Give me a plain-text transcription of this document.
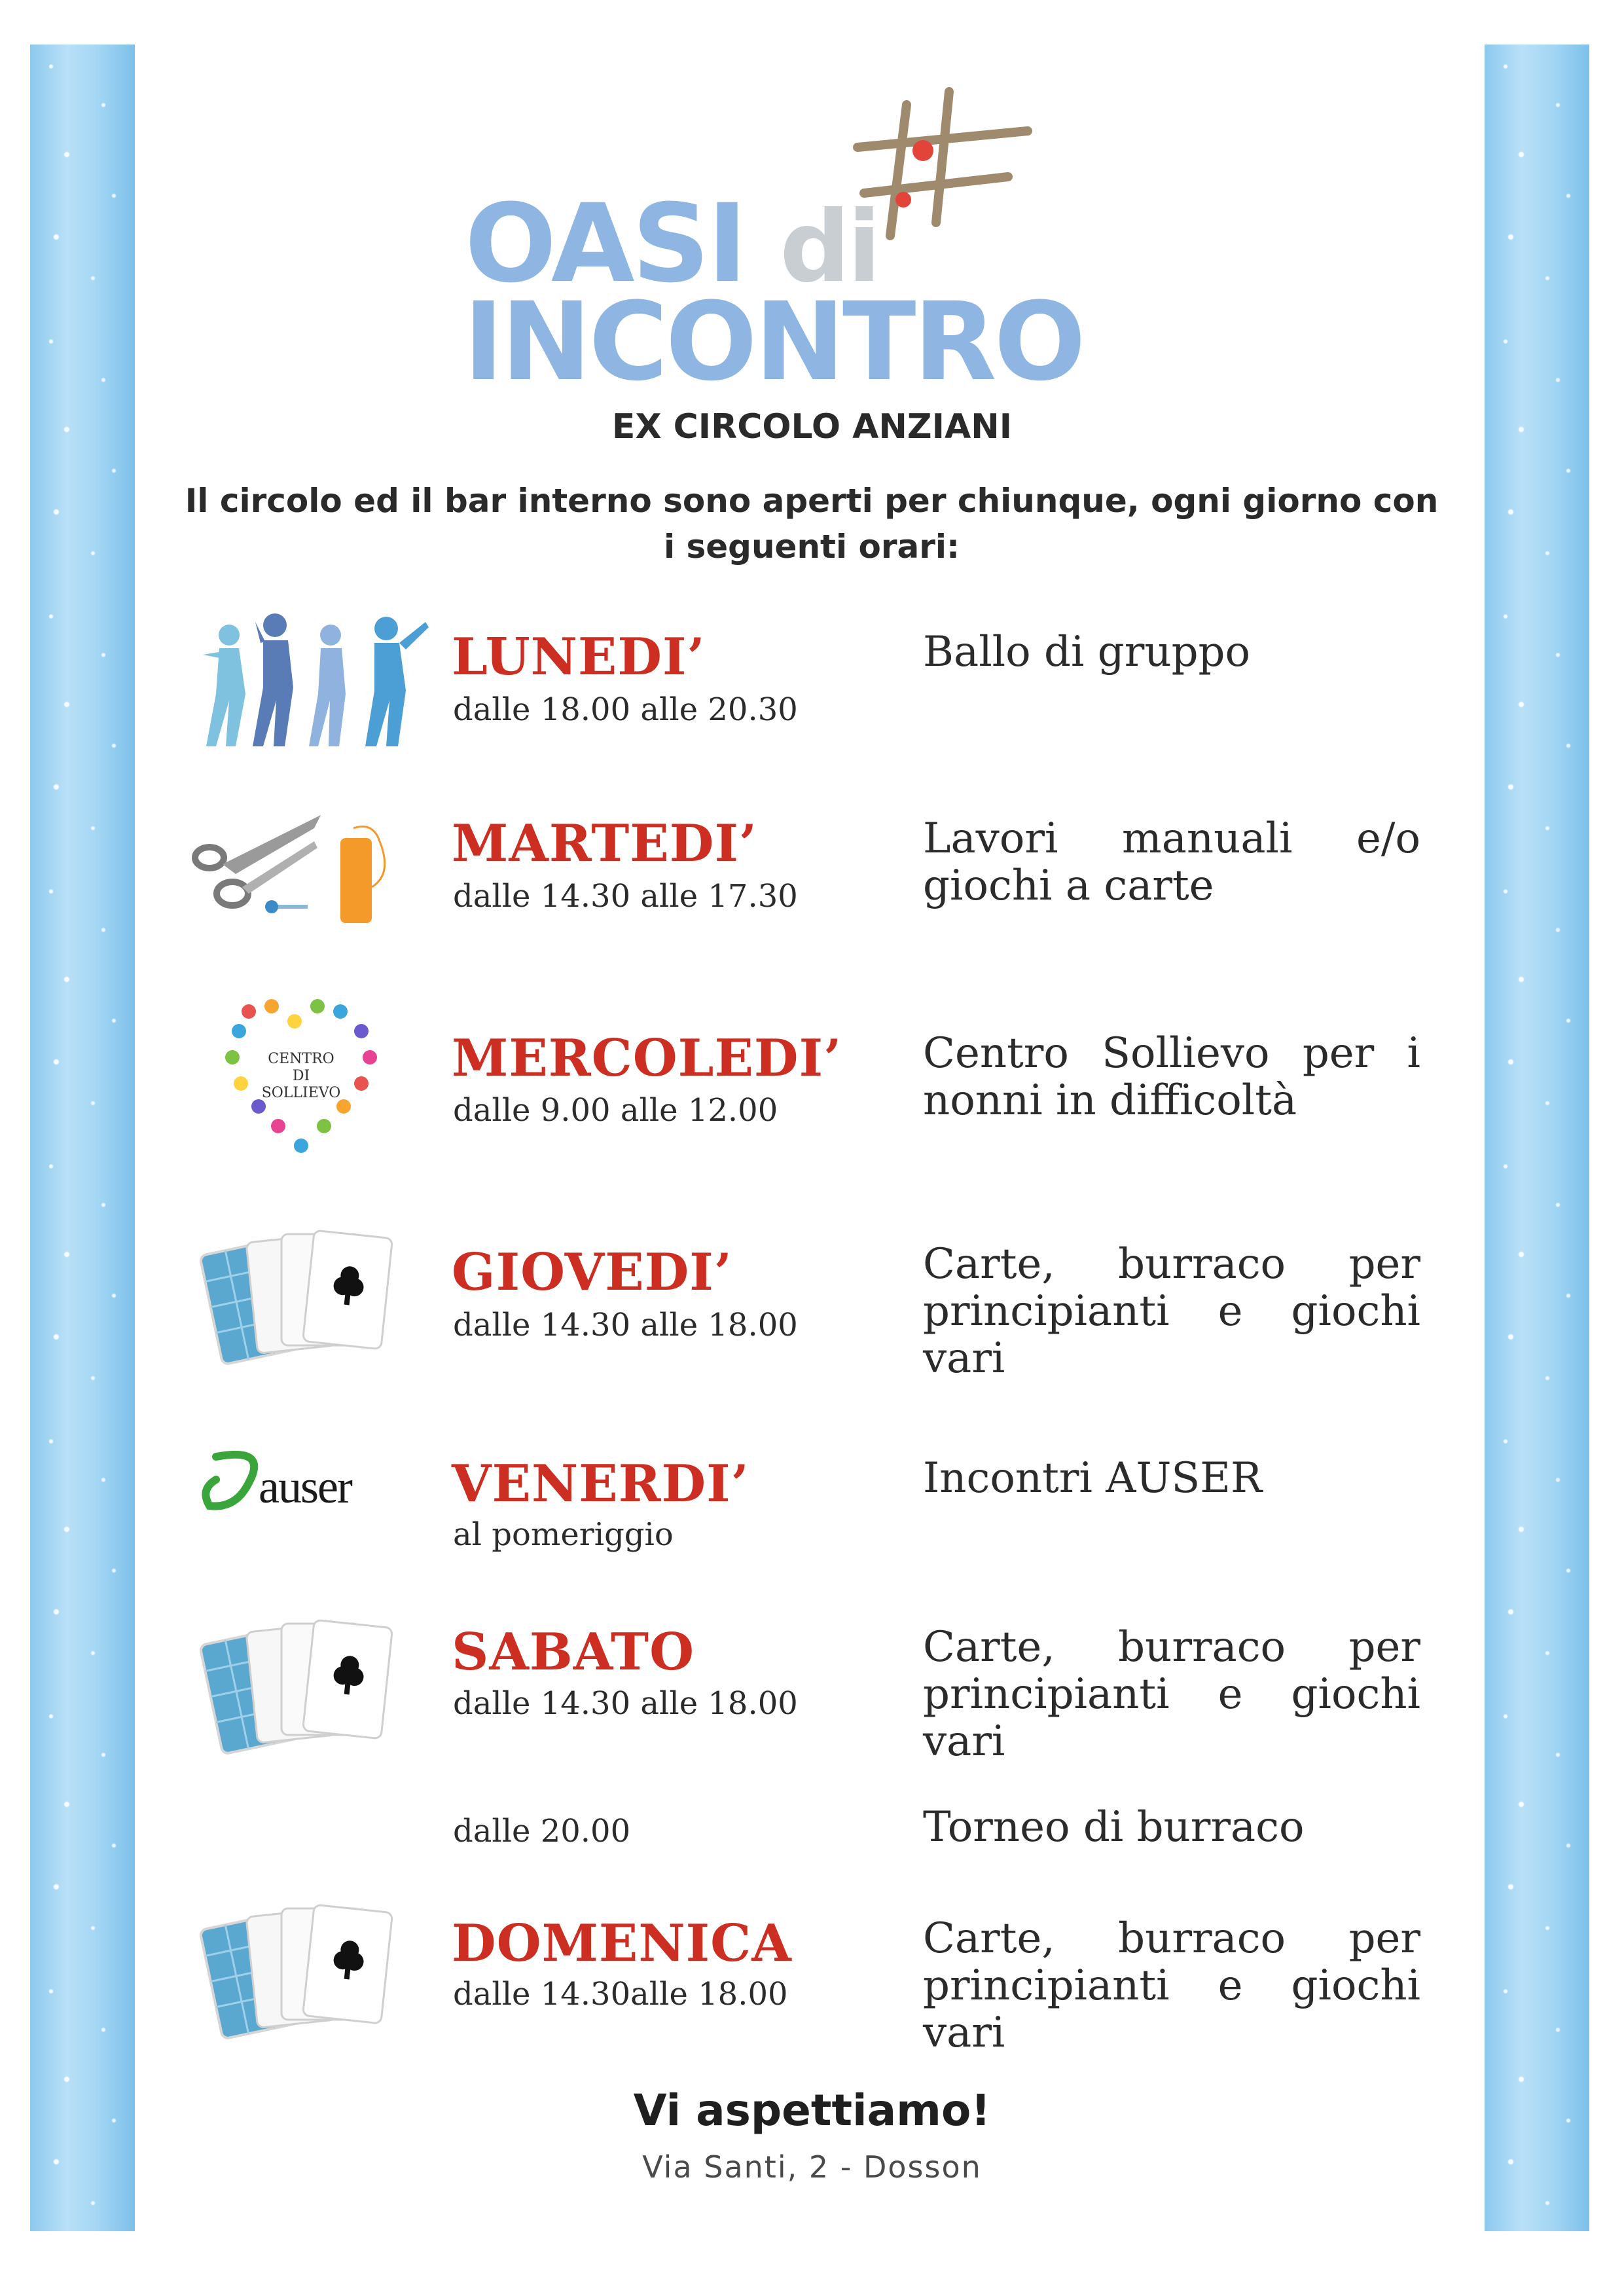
OASI di
INCONTRO
EX CIRCOLO ANZIANI
Il circolo ed il bar interno sono aperti per chiunque, ogni giorno con i seguenti orari:
LUNEDI’
dalle 18.00 alle 20.30
Ballo di gruppo
MARTEDI’
dalle 14.30 alle 17.30
Lavori manuali e/o giochi a carte
CENTRO DI SOLLIEVO
MERCOLEDI’
dalle 9.00 alle 12.00
Centro Sollievo per i nonni in difficoltà
GIOVEDI’
dalle 14.30 alle 18.00
Carte, burraco per principianti e giochi vari
auser VENERDI’
al pomeriggio
Incontri AUSER
SABATO
dalle 14.30 alle 18.00
Carte, burraco per principianti e giochi vari
dalle 20.00	Torneo di burraco
DOMENICA
dalle 14.30alle 18.00
Carte, burraco per principianti e giochi vari
Vi aspettiamo!
Via Santi, 2 - Dosson
